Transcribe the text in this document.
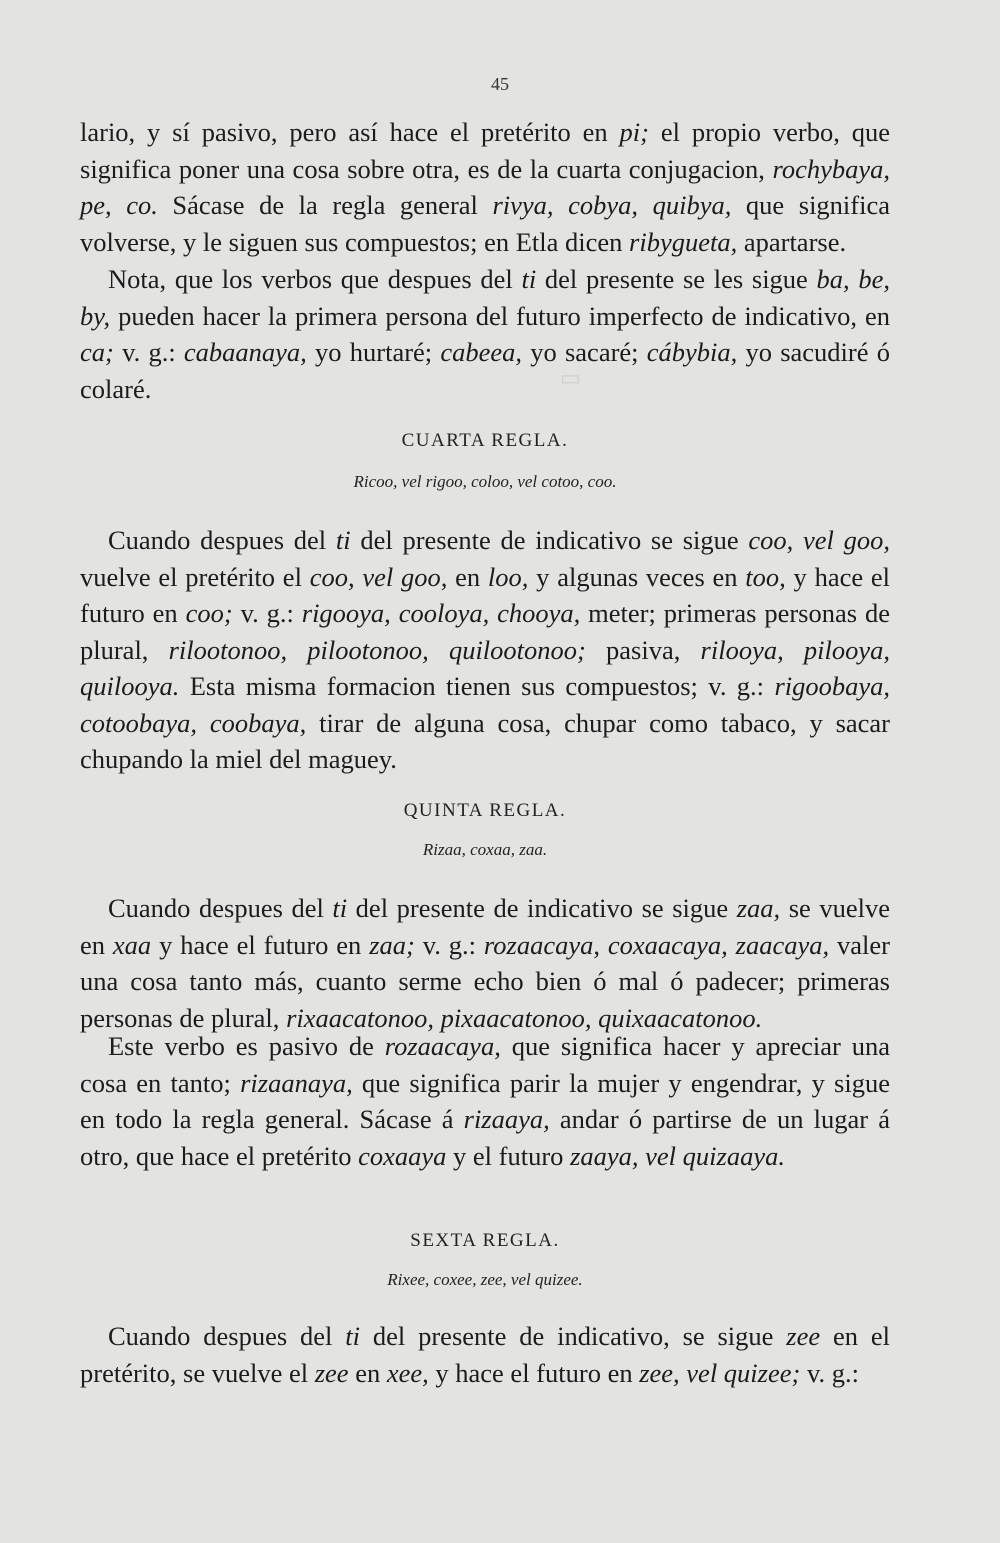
▭
45

lario, y sí pasivo, pero así hace el pretérito en pi; el propio verbo, que significa poner una cosa sobre otra, es de la cuarta conjugacion, rochybaya, pe, co. Sácase de la regla general rivya, cobya, quibya, que significa volverse, y le siguen sus compuestos; en Etla dicen ribygueta, apartarse.

Nota, que los verbos que despues del ti del presente se les sigue ba, be, by, pueden hacer la primera persona del futuro imperfecto de indicativo, en ca; v. g.: cabaanaya, yo hurtaré; cabeea, yo sacaré; cábybia, yo sacudiré ó colaré.

CUARTA REGLA.

Ricoo, vel rigoo, coloo, vel cotoo, coo.

Cuando despues del ti del presente de indicativo se sigue coo, vel goo, vuelve el pretérito el coo, vel goo, en loo, y algunas veces en too, y hace el futuro en coo; v. g.: rigooya, cooloya, chooya, meter; primeras personas de plural, rilootonoo, pilootonoo, quilootonoo; pasiva, rilooya, pilooya, quilooya. Esta misma formacion tienen sus compuestos; v. g.: rigoobaya, cotoobaya, coobaya, tirar de alguna cosa, chupar como tabaco, y sacar chupando la miel del maguey.

QUINTA REGLA.

Rizaa, coxaa, zaa.

Cuando despues del ti del presente de indicativo se sigue zaa, se vuelve en xaa y hace el futuro en zaa; v. g.: rozaacaya, coxaacaya, zaacaya, valer una cosa tanto más, cuanto serme echo bien ó mal ó padecer; primeras personas de plural, rixaacatonoo, pixaacatonoo, quixaacatonoo.

Este verbo es pasivo de rozaacaya, que significa hacer y apreciar una cosa en tanto; rizaanaya, que significa parir la mujer y engendrar, y sigue en todo la regla general. Sácase á rizaaya, andar ó partirse de un lugar á otro, que hace el pretérito coxaaya y el futuro zaaya, vel quizaaya.

SEXTA REGLA.

Rixee, coxee, zee, vel quizee.

Cuando despues del ti del presente de indicativo, se sigue zee en el pretérito, se vuelve el zee en xee, y hace el futuro en zee, vel quizee; v. g.:
